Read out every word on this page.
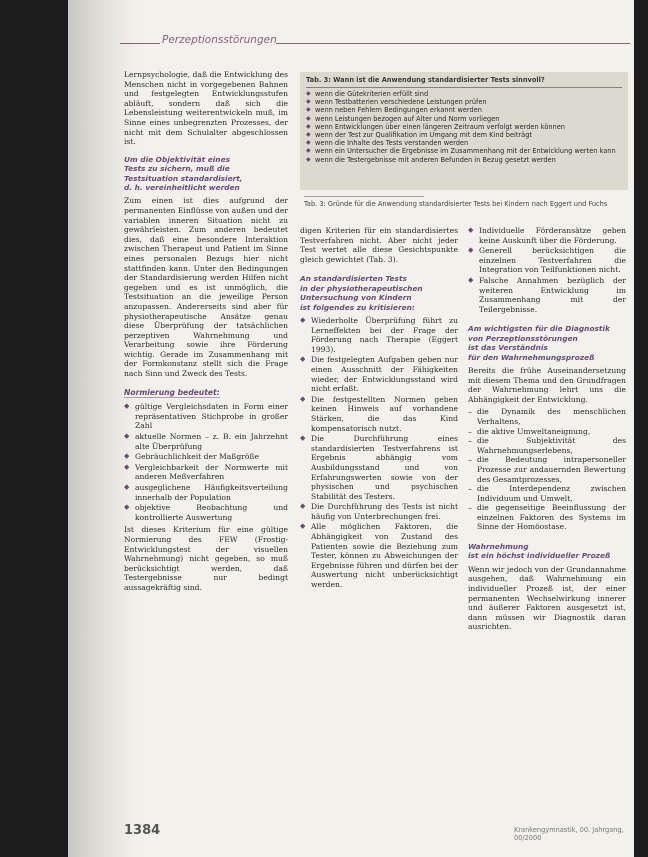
Perzeptionsstörungen

Lernpsychologie, daß die Entwicklung des Menschen nicht in vorgegebenen Bahnen und festgelegten Entwicklungsstufen abläuft, sondern daß sich die Lebensleistung weiterentwickeln muß, im Sinne eines unbegrenzten Prozesses, der nicht mit dem Schulalter abgeschlossen ist.

Um die Objektivität eines
Tests zu sichern, muß die
Testsituation standardisiert,
d. h. vereinheitlicht werden

Zum einen ist dies aufgrund der permanenten Einflüsse von außen und der variablen inneren Situation nicht zu gewährleisten. Zum anderen bedeutet dies, daß eine besondere Interaktion zwischen Therapeut und Patient im Sinne eines personalen Bezugs hier nicht stattfinden kann. Unter den Bedingungen der Standardisierung werden Hilfen nicht gegeben und es ist unmöglich, die Testsituation an die jeweilige Person anzupassen. Andererseits sind aber für physiotherapeutische Ansätze genau diese Überprüfung der tatsächlichen perzeptiven Wahrnehmung und Verarbeitung sowie ihre Förderung wichtig. Gerade im Zusammenhang mit der Formkonstanz stellt sich die Frage nach Sinn und Zweck des Tests.

Normierung bedeutet:
◆ gültige Vergleichsdaten in Form einer repräsentativen Stichprobe in großer Zahl
◆ aktuelle Normen – z. B. ein Jahrzehnt alte Überprüfung
◆ Gebräuchlichkeit der Maßgröße
◆ Vergleichbarkeit der Normwerte mit anderen Meßverfahren
◆ ausgeglichene Häufigkeitsverteilung innerhalb der Population
◆ objektive Beobachtung und kontrollierte Auswertung

Ist dieses Kriterium für eine gültige Normierung des FEW (Frostig-Entwicklungstest der visuellen Wahrnehmung) nicht gegeben, so muß berücksichtigt werden, daß Testergebnisse nur bedingt aussagekräftig sind.

Tab. 3: Wann ist die Anwendung standardisierter Tests sinnvoll?
◆ wenn die Gütekriterien erfüllt sind
◆ wenn Testbatterien verschiedene Leistungen prüfen
◆ wenn neben Fehlern Bedingungen erkannt werden
◆ wenn Leistungen bezogen auf Alter und Norm vorliegen
◆ wenn Entwicklungen über einen längeren Zeitraum verfolgt werden können
◆ wenn der Test zur Qualifikation im Umgang mit dem Kind beiträgt
◆ wenn die Inhalte des Tests verstanden werden
◆ wenn ein Untersucher die Ergebnisse im Zusammenhang mit der Entwicklung werten kann
◆ wenn die Testergebnisse mit anderen Befunden in Bezug gesetzt werden
Tab. 3: Gründe für die Anwendung standardisierter Tests bei Kindern nach Eggert und Fuchs

digen Kriterien für ein standardisiertes Testverfahren nicht. Aber nicht jeder Test wertet alle diese Gesichtspunkte gleich gewichtet (Tab. 3).

An standardisierten Tests
in der physiotherapeutischen
Untersuchung von Kindern
ist folgendes zu kritisieren:
◆ Wiederholte Überprüfung führt zu Lerneffekten bei der Frage der Förderung nach Therapie (Eggert 1993).
◆ Die festgelegten Aufgaben geben nur einen Ausschnitt der Fähigkeiten wieder, der Entwicklungsstand wird nicht erfaßt.
◆ Die festgestellten Normen geben keinen Hinweis auf vorhandene Stärken, die das Kind kompensatorisch nutzt.
◆ Die Durchführung eines standardisierten Testverfahrens ist Ergebnis abhängig vom Ausbildungsstand und von Erfahrungswerten sowie von der physischen und psychischen Stabilität des Testers.
◆ Die Durchführung des Tests ist nicht häufig von Unterbrechungen frei.
◆ Alle möglichen Faktoren, die Abhängigkeit von Zustand des Patienten sowie die Beziehung zum Tester, können zu Abweichungen der Ergebnisse führen und dürfen bei der Auswertung nicht unberücksichtigt werden.
◆ Individuelle Förderansätze geben keine Auskunft über die Förderung.
◆ Generell berücksichtigen die einzelnen Testverfahren die Integration von Teilfunktionen nicht.
◆ Falsche Annahmen bezüglich der weiteren Entwicklung im Zusammenhang mit der Teilergebnisse.
Am wichtigsten für die Diagnostik
von Perzeptionsstörungen
ist das Verständnis
für den Wahrnehmungsprozeß

Bereits die frühe Auseinandersetzung mit diesem Thema und den Grundfragen der Wahrnehmung lehrt uns die Abhängigkeit der Entwicklung.

– die Dynamik des menschlichen Verhaltens,
– die aktive Umweltaneignung,
– die Subjektivität des Wahrnehmungserlebens,
– die Bedeutung intrapersoneller Prozesse zur andauernden Bewertung des Gesamtprozesses,
– die Interdependenz zwischen Individuum und Umwelt,
– die gegenseitige Beeinflussung der einzelnen Faktoren des Systems im Sinne der Homöostase.
Wahrnehmung
ist ein höchst individueller Prozeß

Wenn wir jedoch von der Grundannahme ausgehen, daß Wahrnehmung ein individueller Prozeß ist, der einer permanenten Wechselwirkung innerer und äußerer Faktoren ausgesetzt ist, dann müssen wir Diagnostik daran ausrichten.

1384	Krankengymnastik, 00. Jahrgang, 00/2000
